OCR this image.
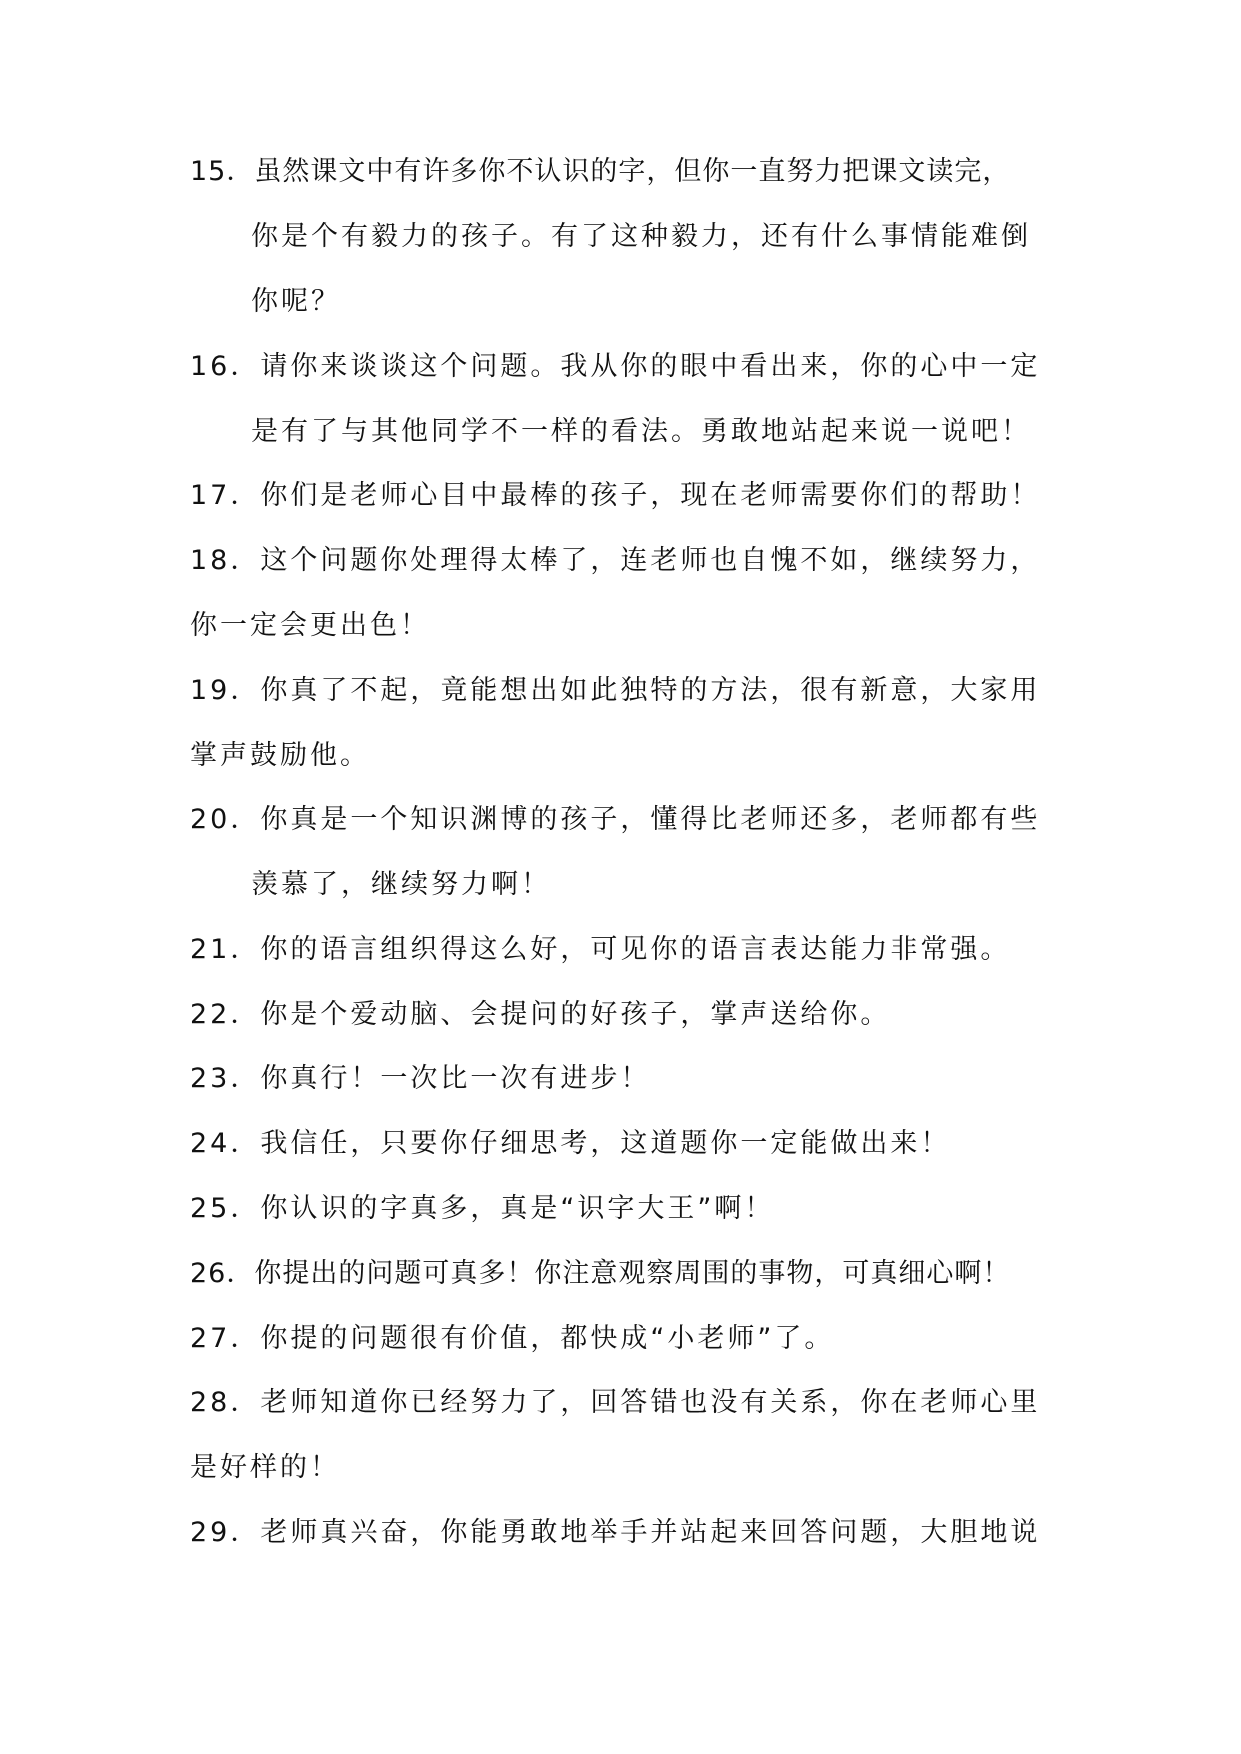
15．虽然课文中有许多你不认识的字，但你一直努力把课文读完，
你是个有毅力的孩子。有了这种毅力，还有什么事情能难倒
你呢？
16．请你来谈谈这个问题。我从你的眼中看出来，你的心中一定
是有了与其他同学不一样的看法。勇敢地站起来说一说吧！
17．你们是老师心目中最棒的孩子，现在老师需要你们的帮助！
18．这个问题你处理得太棒了，连老师也自愧不如，继续努力，
你一定会更出色！
19．你真了不起，竟能想出如此独特的方法，很有新意，大家用
掌声鼓励他。
20．你真是一个知识渊博的孩子，懂得比老师还多，老师都有些
羡慕了，继续努力啊！
21．你的语言组织得这么好，可见你的语言表达能力非常强。
22．你是个爱动脑、会提问的好孩子，掌声送给你。
23．你真行！一次比一次有进步！
24．我信任，只要你仔细思考，这道题你一定能做出来！
25．你认识的字真多，真是“识字大王”啊！
26．你提出的问题可真多！你注意观察周围的事物，可真细心啊！
27．你提的问题很有价值，都快成“小老师”了。
28．老师知道你已经努力了，回答错也没有关系，你在老师心里
是好样的！
29．老师真兴奋，你能勇敢地举手并站起来回答问题，大胆地说
